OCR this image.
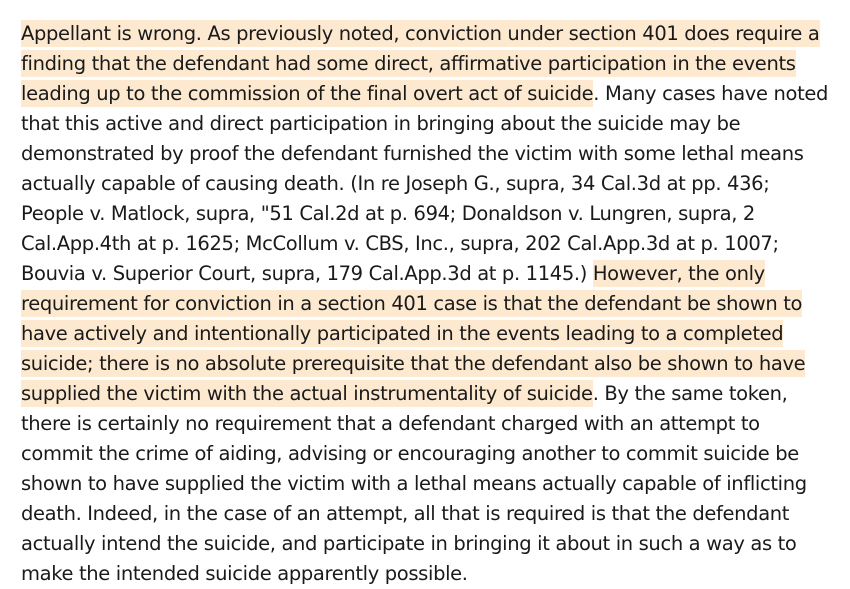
Appellant is wrong. As previously noted, conviction under section 401 does require a finding that the defendant had some direct, affirmative participation in the events leading up to the commission of the final overt act of suicide. Many cases have noted that this active and direct participation in bringing about the suicide may be demonstrated by proof the defendant furnished the victim with some lethal means actually capable of causing death. (In re Joseph G., supra, 34 Cal.3d at pp. 436; People v. Matlock, supra, "51 Cal.2d at p. 694; Donaldson v. Lungren, supra, 2 Cal.App.4th at p. 1625; McCollum v. CBS, Inc., supra, 202 Cal.App.3d at p. 1007; Bouvia v. Superior Court, supra, 179 Cal.App.3d at p. 1145.) However, the only requirement for conviction in a section 401 case is that the defendant be shown to have actively and intentionally participated in the events leading to a completed suicide; there is no absolute prerequisite that the defendant also be shown to have supplied the victim with the actual instrumentality of suicide. By the same token, there is certainly no requirement that a defendant charged with an attempt to commit the crime of aiding, advising or encouraging another to commit suicide be shown to have supplied the victim with a lethal means actually capable of inflicting death. Indeed, in the case of an attempt, all that is required is that the defendant actually intend the suicide, and participate in bringing it about in such a way as to make the intended suicide apparently possible.
